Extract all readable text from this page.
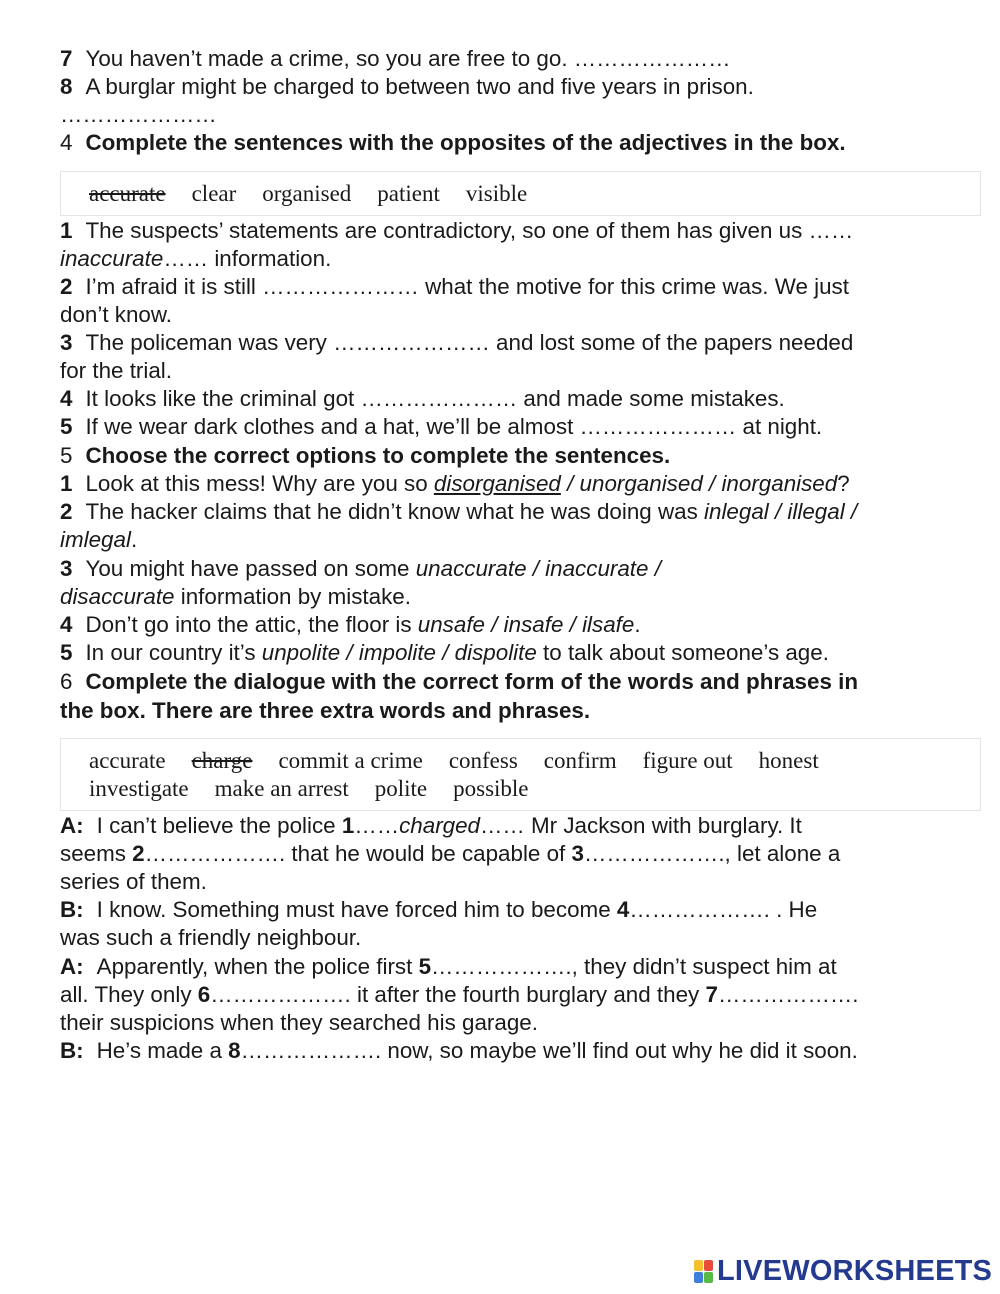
7 You haven’t made a crime, so you are free to go. …………………
8 A burglar might be charged to between two and five years in prison.
…………………
4 Complete the sentences with the opposites of the adjectives in the box.
accurate clear organised patient visible
1 The suspects’ statements are contradictory, so one of them has given us ……
inaccurate…… information.
2 I’m afraid it is still ………………… what the motive for this crime was. We just
don’t know.
3 The policeman was very ………………… and lost some of the papers needed
for the trial.
4 It looks like the criminal got ………………… and made some mistakes.
5 If we wear dark clothes and a hat, we’ll be almost ………………… at night.
5 Choose the correct options to complete the sentences.
1 Look at this mess! Why are you so disorganised / unorganised / inorganised?
2 The hacker claims that he didn’t know what he was doing was inlegal / illegal /
imlegal.
3 You might have passed on some unaccurate / inaccurate /
disaccurate information by mistake.
4 Don’t go into the attic, the floor is unsafe / insafe / ilsafe.
5 In our country it’s unpolite / impolite / dispolite to talk about someone’s age.
6 Complete the dialogue with the correct form of the words and phrases in
the box. There are three extra words and phrases.
accurate charge commit a crime confess confirm figure out honest
investigate make an arrest polite possible
A: I can’t believe the police 1……charged…… Mr Jackson with burglary. It
seems 2………………. that he would be capable of 3………………., let alone a
series of them.
B: I know. Something must have forced him to become 4………………. . He
was such a friendly neighbour.
A: Apparently, when the police first 5………………., they didn’t suspect him at
all. They only 6………………. it after the fourth burglary and they 7……………….
their suspicions when they searched his garage.
B: He’s made a 8………………. now, so maybe we’ll find out why he did it soon.
LIVEWORKSHEETS
